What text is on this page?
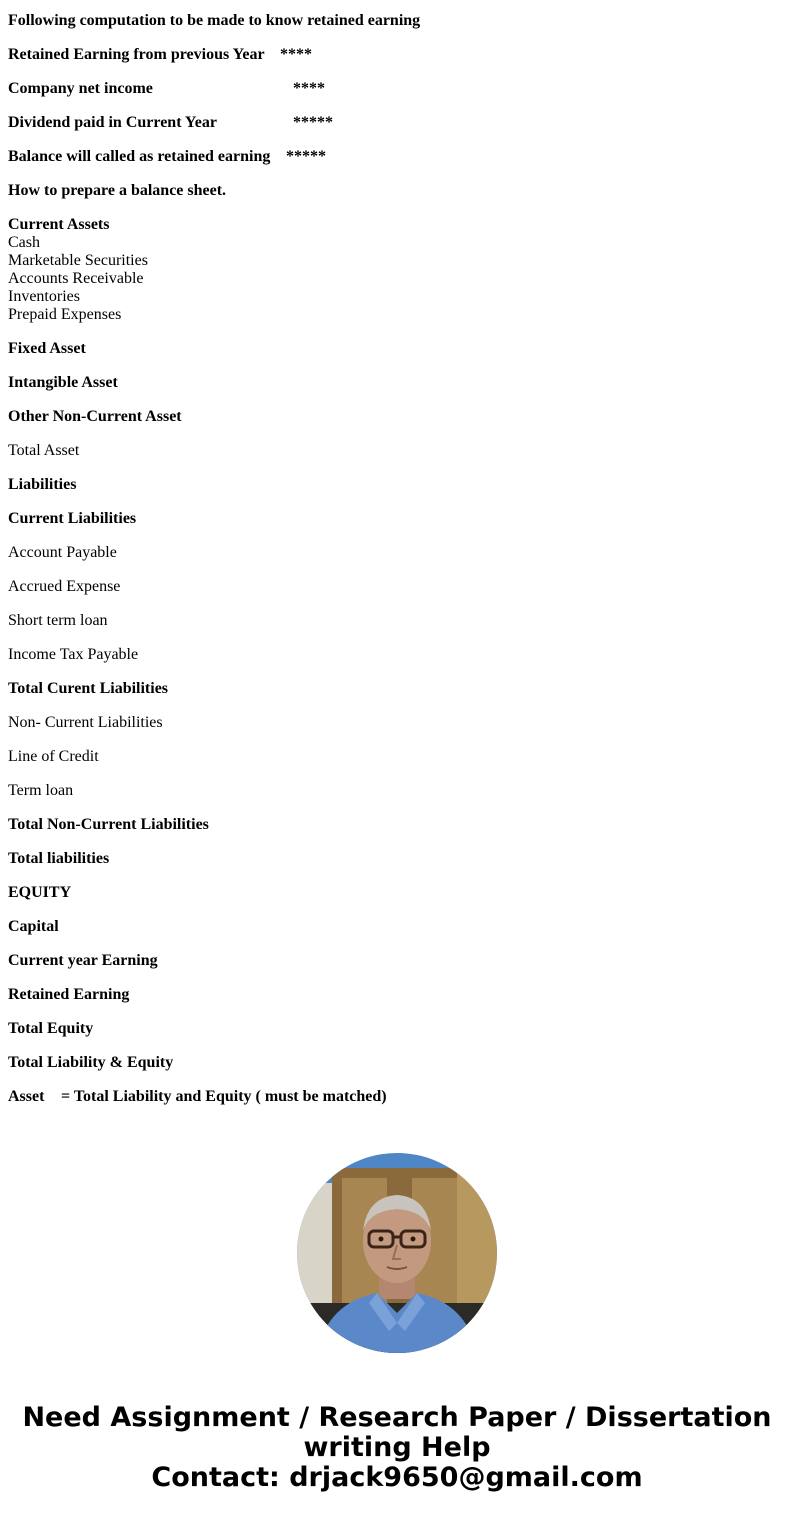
Following computation to be made to know retained earning

Retained Earning from previous Year ****

Company net income	****

Dividend paid in Current Year	*****

Balance will called as retained earning *****

How to prepare a balance sheet.

Current Assets

Cash

Marketable Securities

Accounts Receivable

Inventories

Prepaid Expenses

Fixed Asset

Intangible Asset

Other Non-Current Asset

Total Asset

Liabilities

Current Liabilities

Account Payable

Accrued Expense

Short term loan

Income Tax Payable

Total Curent Liabilities

Non- Current Liabilities

Line of Credit

Term loan

Total Non-Current Liabilities

Total liabilities

EQUITY

Capital

Current year Earning

Retained Earning

Total Equity

Total Liability & Equity

Asset = Total Liability and Equity ( must be matched)
Need Assignment / Research Paper / Dissertation
writing Help
Contact: drjack9650@gmail.com
